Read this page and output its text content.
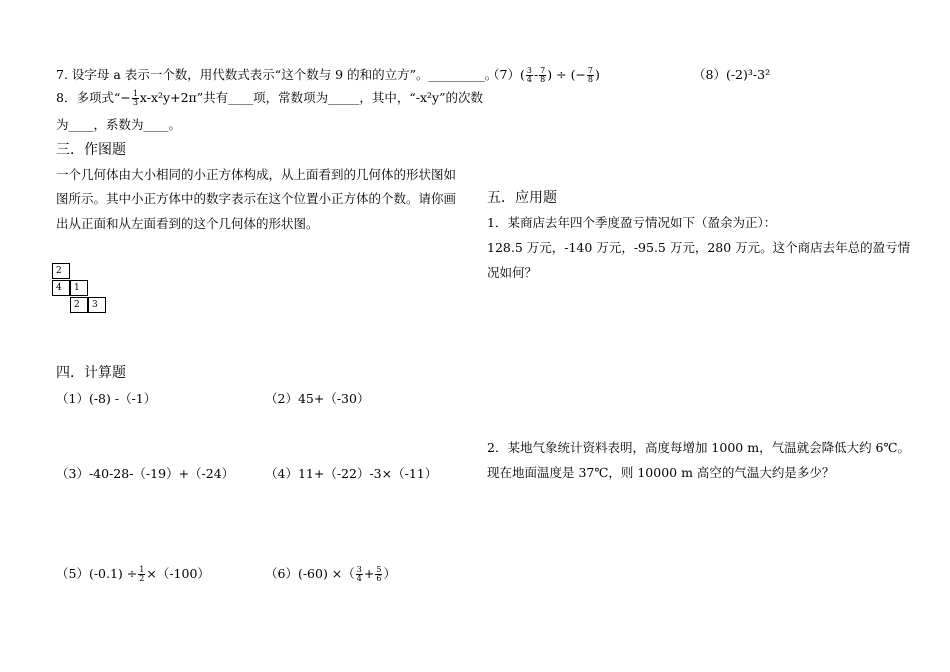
7. 设字母 a 表示一个数，用代数式表示“这个数与 9 的和的立方”。_________。
8．多项式“− $\frac{1}{3} x-x^2y+2\pi$”共有____项，常数项为_____，其中，“-x²y”的次数
为____，系数为____。
三．作图题
一个几何体由大小相同的小正方体构成，从上面看到的几何体的形状图如
图所示。其中小正方体中的数字表示在这个位置小正方体的个数。请你画
出从正面和从左面看到的这个几何体的形状图。
2
4	1
2	3
四．计算题
（1）(-8) -（-1）	（2）45+（-30）
（3）-40-28-（-19）+（-24） （4）11+（-22）-3×（-11）
$(5)(-0.1) \div \frac{1}{2} \times(-100)$	（6）(-60) ×（ $\frac{3}{4} + \frac{5}{6}$ ）
$(7)( \frac{3}{4} - \frac{7}{8}$ ) ÷ (− $\frac{7}{8}$ )	（8）(-2)³-3²
五．应用题
1．某商店去年四个季度盈亏情况如下（盈余为正）：
128.5 万元，-140 万元，-95.5 万元，280 万元。这个商店去年总的盈亏情
况如何？
2．某地气象统计资料表明，高度每增加 1000 m，气温就会降低大约 6℃。
现在地面温度是 37℃，则 10000 m 高空的气温大约是多少？
